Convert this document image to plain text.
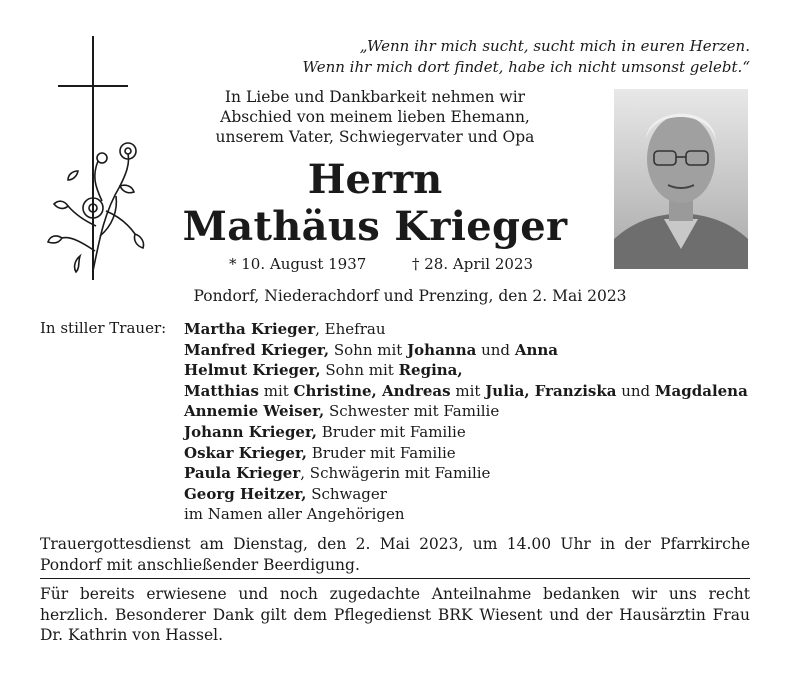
„Wenn ihr mich sucht, sucht mich in euren Herzen.
Wenn ihr mich dort findet, habe ich nicht umsonst gelebt.“
In Liebe und Dankbarkeit nehmen wir
Abschied von meinem lieben Ehemann,
unserem Vater, Schwiegervater und Opa
Herrn
Mathäus Krieger
* 10. August 1937	† 28. April 2023
Pondorf, Niederachdorf und Prenzing, den 2. Mai 2023
In stiller Trauer: Martha Krieger, Ehefrau
Manfred Krieger, Sohn mit Johanna und Anna
Helmut Krieger, Sohn mit Regina,
Matthias mit Christine, Andreas mit Julia, Franziska und Magdalena
Annemie Weiser, Schwester mit Familie
Johann Krieger, Bruder mit Familie
Oskar Krieger, Bruder mit Familie
Paula Krieger, Schwägerin mit Familie
Georg Heitzer, Schwager
im Namen aller Angehörigen
Trauergottesdienst am Dienstag, den 2. Mai 2023, um 14.00 Uhr in der Pfarrkirche Pondorf mit anschließender Beerdigung.
Für bereits erwiesene und noch zugedachte Anteilnahme bedanken wir uns recht herzlich. Besonderer Dank gilt dem Pflegedienst BRK Wiesent und der Hausärztin Frau Dr. Kathrin von Hassel.
